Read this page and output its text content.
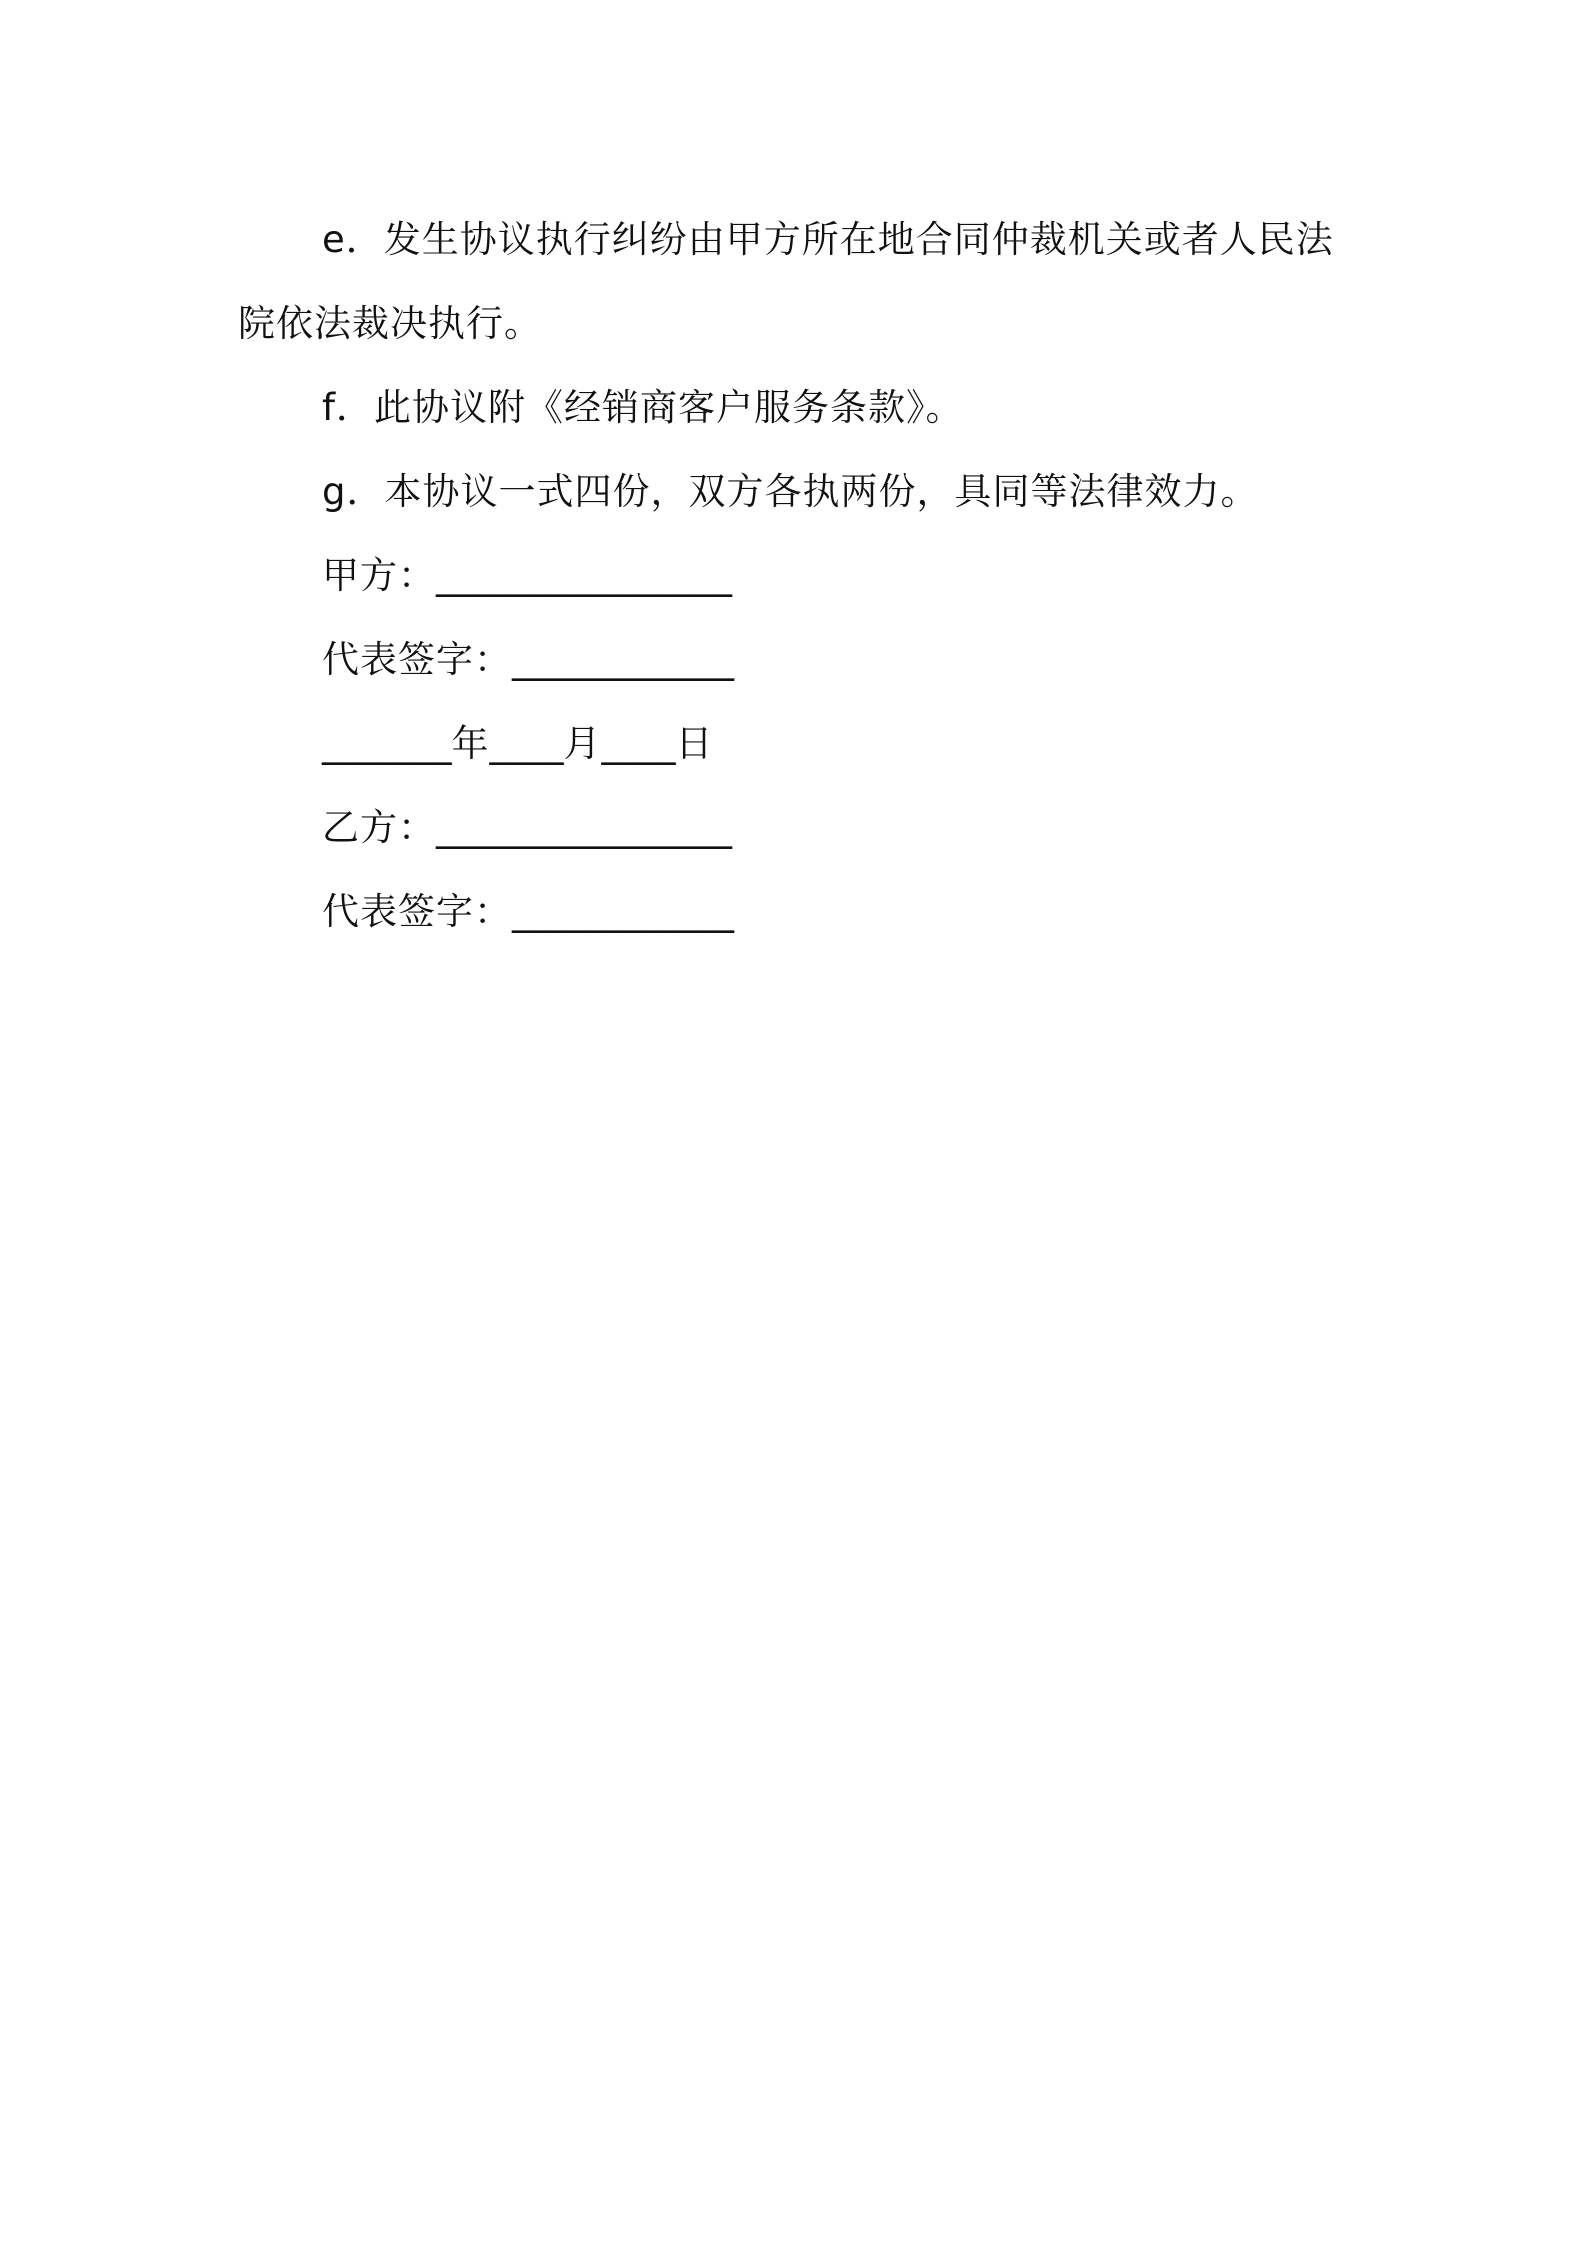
e．发生协议执行纠纷由甲方所在地合同仲裁机关或者人民法院依法裁决执行。

f．此协议附《经销商客户服务条款》。

g．本协议一式四份，双方各执两份，具同等法律效力。

甲方：________________

代表签字：____________

_______年____月____日

乙方：________________

代表签字：____________
